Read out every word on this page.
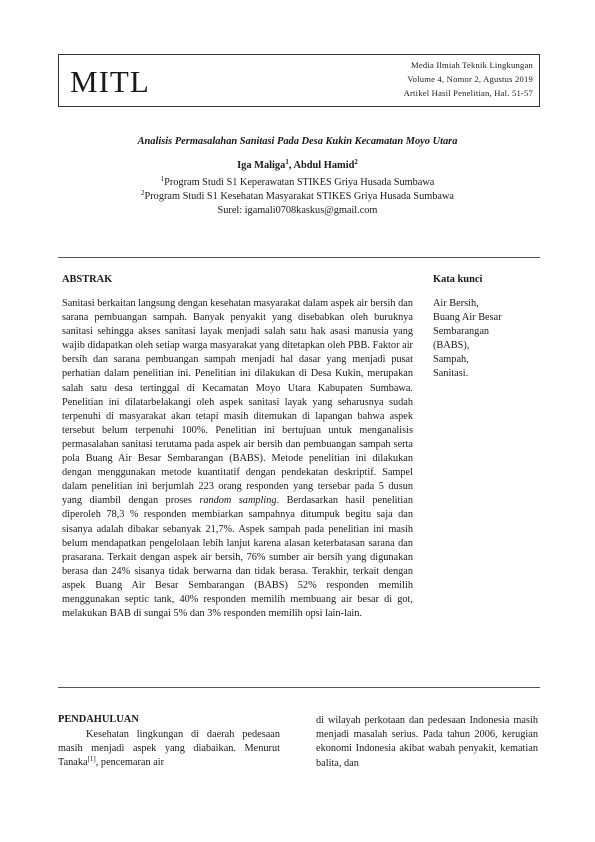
MITL	Media Ilmiah Teknik Lingkungan
Volume 4, Nomor 2, Agustus 2019
Artikel Hasil Penelitian, Hal. 51-57
Analisis Permasalahan Sanitasi Pada Desa Kukin Kecamatan Moyo Utara
Iga Maliga$^1$, Abdul Hamid$^2$
$^1$Program Studi S1 Keperawatan STIKES Griya Husada Sumbawa
$^2$Program Studi S1 Kesehatan Masyarakat STIKES Griya Husada Sumbawa
Surel: igamali0708kaskus@gmail.com
ABSTRAK	Kata kunci
Sanitasi berkaitan langsung dengan kesehatan masyarakat dalam aspek air bersih dan sarana pembuangan sampah. Banyak penyakit yang disebabkan oleh buruknya sanitasi sehingga akses sanitasi layak menjadi salah satu hak asasi manusia yang wajib didapatkan oleh setiap warga masyarakat yang ditetapkan oleh PBB. Faktor air bersih dan sarana pembuangan sampah menjadi hal dasar yang menjadi pusat perhatian dalam penelitian ini. Penelitian ini dilakukan di Desa Kukin, merupakan salah satu desa tertinggal di Kecamatan Moyo Utara Kabupaten Sumbawa. Penelitian ini dilatarbelakangi oleh aspek sanitasi layak yang seharusnya sudah terpenuhi di masyarakat akan tetapi masih ditemukan di lapangan bahwa aspek tersebut belum terpenuhi 100%. Penelitian ini bertujuan untuk menganalisis permasalahan sanitasi terutama pada aspek air bersih dan pembuangan sampah serta pola Buang Air Besar Sembarangan (BABS). Metode penelitian ini dilakukan dengan menggunakan metode kuantitatif dengan pendekatan deskriptif. Sampel dalam penelitian ini berjumlah 223 orang responden yang tersebar pada 5 dusun yang diambil dengan proses random sampling. Berdasarkan hasil penelitian diperoleh 78,3 % responden membiarkan sampahnya ditumpuk begitu saja dan sisanya adalah dibakar sebanyak 21,7%. Aspek sampah pada penelitian ini masih belum mendapatkan pengelolaan lebih lanjut karena alasan keterbatasan sarana dan prasarana. Terkait dengan aspek air bersih, 76% sumber air bersih yang digunakan berasa dan 24% sisanya tidak berwarna dan tidak berasa. Terakhir, terkait dengan aspek Buang Air Besar Sembarangan (BABS) 52% responden memilih menggunakan septic tank, 40% responden memilih membuang air besar di got, melakukan BAB di sungai 5% dan 3% responden memilih opsi lain-lain.
Air Bersih,
Buang Air Besar
Sembarangan
(BABS),
Sampah,
Sanitasi.
PENDAHULUAN
Kesehatan lingkungan di daerah pedesaan masih menjadi aspek yang diabaikan. Menurut Tanaka[1], pencemaran air
di wilayah perkotaan dan pedesaan Indonesia masih menjadi masalah serius. Pada tahun 2006, kerugian ekonomi Indonesia akibat wabah penyakit, kematian balita, dan
